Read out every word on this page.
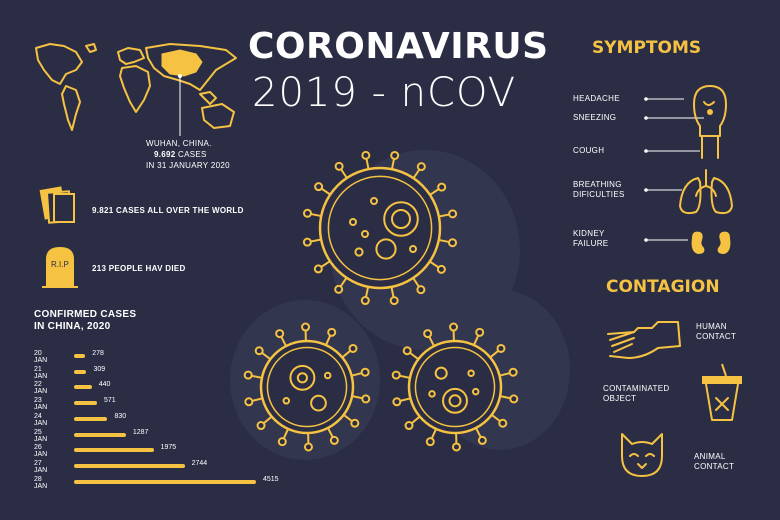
CORONAVIRUS
2019 - nCOV
WUHAN, CHINA.
9.692 CASES
IN 31 JANUARY 2020
9.821 CASES ALL OVER THE WORLD
R.I.P	213 PEOPLE HAV DIED
CONFIRMED CASES
IN CHINA, 2020
20 JAN
278
21 JAN
309
22 JAN
440
23 JAN
571
24 JAN
830
25 JAN
1287
26 JAN
1975
27 JAN
2744
28 JAN
4515
SYMPTOMS
HEADACHE
SNEEZING
COUGH
BREATHING
DIFICULTIES
KIDNEY
FAILURE
CONTAGION
HUMAN
CONTACT
CONTAMINATED
OBJECT
ANIMAL
CONTACT
